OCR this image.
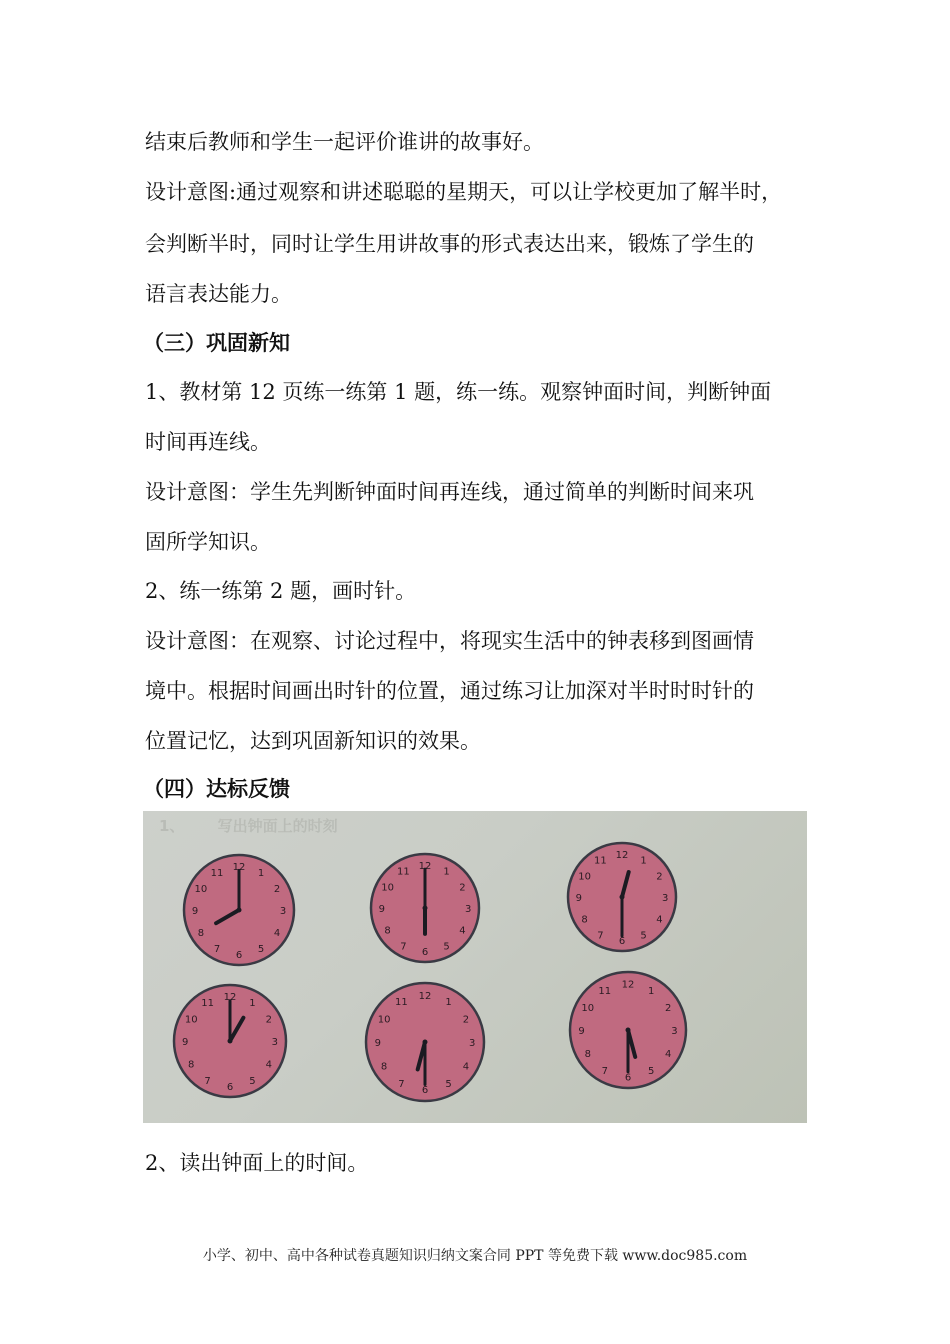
结束后教师和学生一起评价谁讲的故事好。
设计意图:通过观察和讲述聪聪的星期天，可以让学校更加了解半时，
会判断半时，同时让学生用讲故事的形式表达出来，锻炼了学生的
语言表达能力。
（三）巩固新知
1、教材第 12 页练一练第 1 题，练一练。观察钟面时间，判断钟面
时间再连线。
设计意图：学生先判断钟面时间再连线，通过简单的判断时间来巩
固所学知识。
2、练一练第 2 题，画时针。
设计意图：在观察、讨论过程中，将现实生活中的钟表移到图画情
境中。根据时间画出时针的位置，通过练习让加深对半时时时针的
位置记忆，达到巩固新知识的效果。
（四）达标反馈
1、 写出钟面上的时刻
12
1
2
3
4
5
6
7
8
9
10
11
12
1
2
3
4
5
6
7
8
9
10
11
12
1
2
3
4
5
6
7
8
9
10
11
12
1
2
3
4
5
6
7
8
9
10
11
12
1
2
3
4
5
6
7
8
9
10
11
12
1
2
3
4
5
6
7
8
9
10
11
2、读出钟面上的时间。
小学、初中、高中各种试卷真题知识归纳文案合同 PPT 等免费下载 www.doc985.com
